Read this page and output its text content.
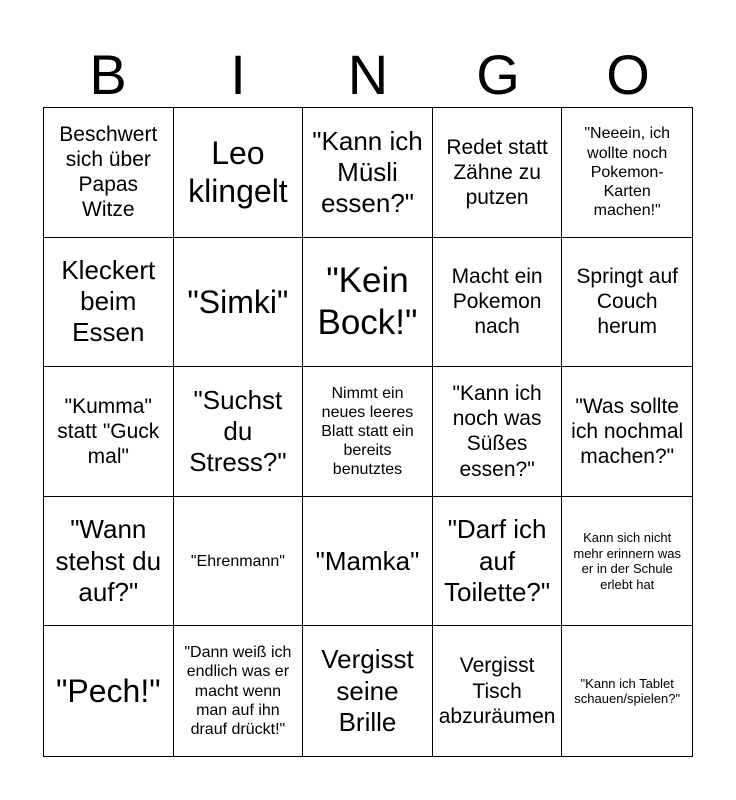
B	I	N	G	O
Beschwert sich über Papas Witze
Leo klingelt
"Kann ich Müsli essen?"
Redet statt Zähne zu putzen
"Neeein, ich wollte noch Pokemon-Karten machen!"
Kleckert beim Essen
"Simki"
"Kein Bock!"
Macht ein Pokemon nach
Springt auf Couch herum
"Kumma" statt "Guck mal"
"Suchst du Stress?"
Nimmt ein neues leeres Blatt statt ein bereits benutztes
"Kann ich noch was Süßes essen?"
"Was sollte ich nochmal machen?"
"Wann stehst du auf?"
"Ehrenmann"	"Mamka"
"Darf ich auf Toilette?"
Kann sich nicht mehr erinnern was er in der Schule erlebt hat
"Pech!"
"Dann weiß ich endlich was er macht wenn man auf ihn drauf drückt!"
Vergisst seine Brille
Vergisst Tisch abzuräumen
"Kann ich Tablet schauen/spielen?"
